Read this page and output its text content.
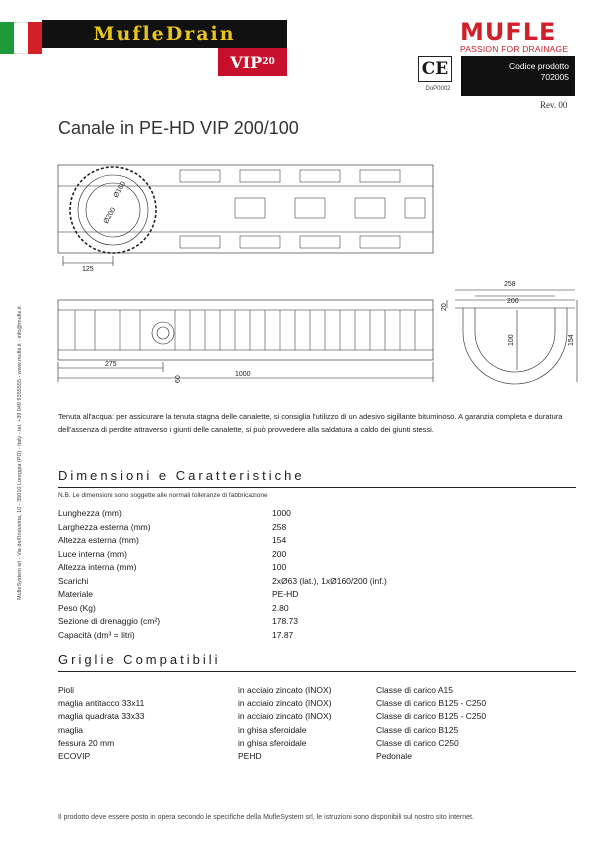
MufleDrain
VIP 20
MUFLE
PASSION FOR DRAINAGE
CE
DoP0002
Codice prodotto
702005
Rev. 00
Canale in PE-HD VIP 200/100
MufleSystem srl - Via dell'Industria, 10 - 35010 Loreggia (PD) - Italy - tel. +39 049 9355555 - www.mufle.it - info@mufle.it
Ø160
Ø200
125
275
1000
60
258
200
20
100	154
Tenuta all'acqua: per assicurare la tenuta stagna delle canalette, si consiglia l'utilizzo di un adesivo sigillante bituminoso. A garanzia completa e duratura dell'assenza di perdite attraverso i giunti delle canalette, si può provvedere alla saldatura a caldo dei giunti stessi.
Dimensioni e Caratteristiche
N.B. Le dimensioni sono soggette alle normali tolleranze di fabbricazione
Lunghezza (mm)	1000
Larghezza esterna (mm)	258
Altezza esterna (mm)	154
Luce interna (mm)	200
Altezza interna (mm)	100
Scarichi	2xØ63 (lat.), 1xØ160/200 (inf.)
Materiale	PE-HD
Peso (Kg)	2.80
Sezione di drenaggio (cm²)	178.73
Capacità (dm³ = litri)	17.87
Griglie Compatibili
Pioli	in acciaio zincato (INOX)	Classe di carico A15
maglia antitacco 33x11	in acciaio zincato (INOX)	Classe di carico B125 - C250
maglia quadrata 33x33	in acciaio zincato (INOX)	Classe di carico B125 - C250
maglia	in ghisa sferoidale	Classe di carico B125
fessura 20 mm	in ghisa sferoidale	Classe di carico C250
ECOVIP	PEHD	Pedonale
Il prodotto deve essere posto in opera secondo le specifiche della MufleSystem srl, le istruzioni sono disponibili sul nostro sito internet.
